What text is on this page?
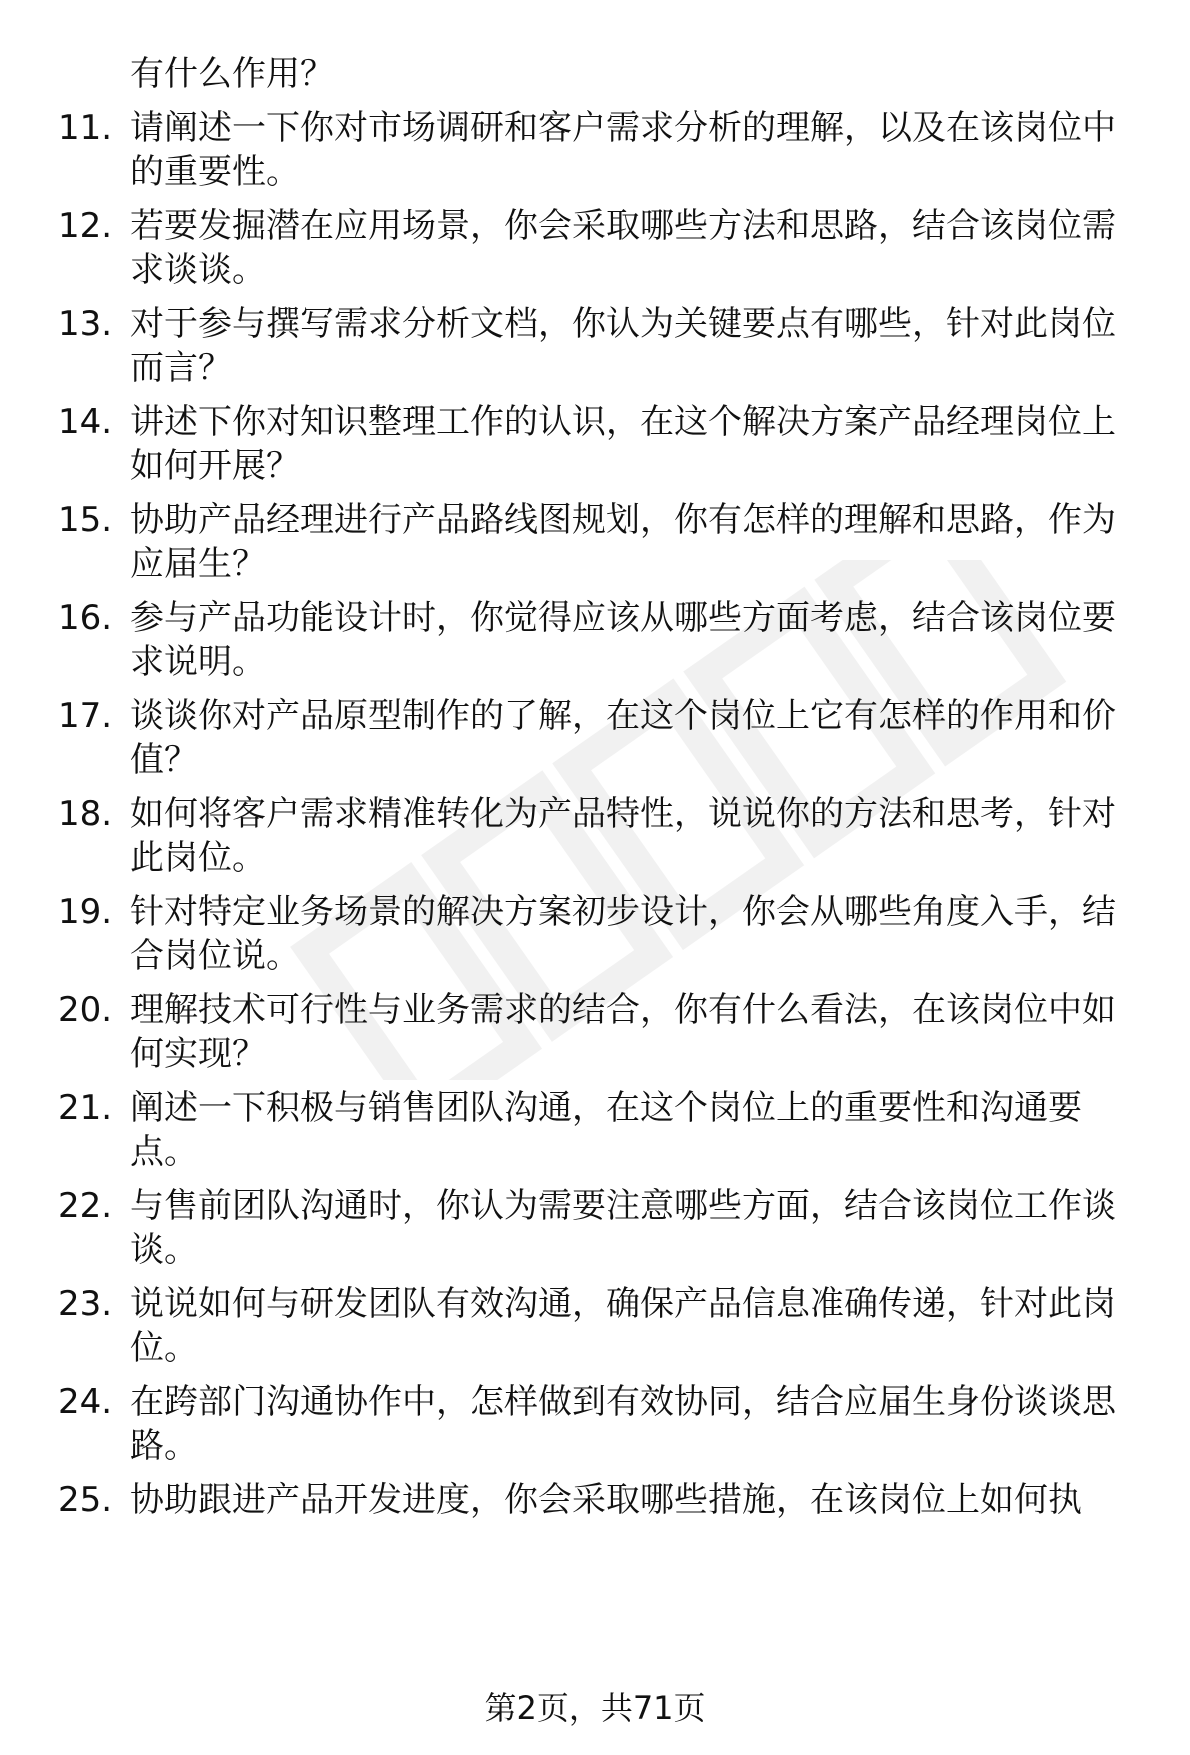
有什么作用？
11. 请阐述一下你对市场调研和客户需求分析的理解，以及在该岗位中的重要性。
12. 若要发掘潜在应用场景，你会采取哪些方法和思路，结合该岗位需求谈谈。
13. 对于参与撰写需求分析文档，你认为关键要点有哪些，针对此岗位而言？
14. 讲述下你对知识整理工作的认识，在这个解决方案产品经理岗位上如何开展？
15. 协助产品经理进行产品路线图规划，你有怎样的理解和思路，作为应届生？
16. 参与产品功能设计时，你觉得应该从哪些方面考虑，结合该岗位要求说明。
17. 谈谈你对产品原型制作的了解，在这个岗位上它有怎样的作用和价值？
18. 如何将客户需求精准转化为产品特性，说说你的方法和思考，针对此岗位。
19. 针对特定业务场景的解决方案初步设计，你会从哪些角度入手，结合岗位说。
20. 理解技术可行性与业务需求的结合，你有什么看法，在该岗位中如何实现？
21. 阐述一下积极与销售团队沟通，在这个岗位上的重要性和沟通要点。
22. 与售前团队沟通时，你认为需要注意哪些方面，结合该岗位工作谈谈。
23. 说说如何与研发团队有效沟通，确保产品信息准确传递，针对此岗位。
24. 在跨部门沟通协作中，怎样做到有效协同，结合应届生身份谈谈思路。
25. 协助跟进产品开发进度，你会采取哪些措施，在该岗位上如何执
第2页，共71页
